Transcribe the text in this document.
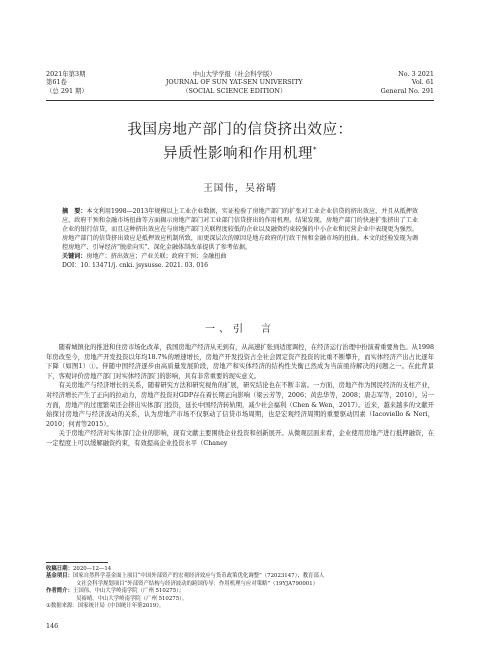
2021年第3期
第61卷
（总 291 期）
中山大学学报（社会科学版）
JOURNAL OF SUN YAT-SEN UNIVERSITY
（SOCIAL SCIENCE EDITION）
No. 3 2021
Vol. 61
General No. 291
我国房地产部门的信贷挤出效应：
异质性影响和作用机理*
王国伟，吴裕晴

摘　要：本文利用1998—2013年规模以上工业企业数据，实证检验了房地产部门的扩张对工业企业信贷的挤出效应，并且从抵押效应、政府干预和金融市场扭曲等方面揭示房地产部门对工业部门信贷挤出的作用机理。结果发现，房地产部门的快速扩张挤出了工业企业的银行信贷，而且这种挤出效应在与房地产部门关联程度较低的企业以及融资约束较强的中小企业和民营企业中表现更为强烈。房地产部门的信贷挤出效应是抵押效应机制所致，而更深层次的原因是地方政府的行政干预和金融市场的扭曲。本文的经验发现为调控房地产、引导经济“脱虚向实”、深化金融体制改革提供了参考依据。

关键词：房地产；挤出效应；产业关联；政府干预；金融扭曲

DOI：10. 13471/j. cnki. jsysusse. 2021. 03. 016

一、引　言

随着城镇化的推进和住房市场化改革，我国房地产经济从无到有，从高速扩张到适度调控，在经济运行治理中扮演着重要角色。从1998年房改至今，房地产开发投资以年均18.7%的增速增长，房地产开发投资占全社会固定资产投资的比重不断攀升，而实体经济产出占比逐年下降（如图1）①。伴随中国经济逐步由高质量发展阶段，房地产和实体经济的结构性失衡已然成为当前亟待解决的问题之一。在此背景下，客观评价房地产部门对实体经济部门的影响，具有非常重要的现实意义。

有关房地产与经济增长的关系，随着研究方法和研究视角的扩展，研究结论也在不断丰富。一方面，房地产作为国民经济的支柱产业，对经济增长产生了正向的拉动力，房地产投资对GDP存在着长期正向影响（梁云芳等，2006；黄忠华等，2008；唐志军等，2010）。另一方面，房地产的过度繁荣还会挤出实体部门投资，延长中国经济转轨期，减少社会福利（Chen & Wen，2017）。近来，越来越多的文献开始探讨房地产与经济波动的关系，认为房地产市场不仅驱动了信贷市场周期，也是宏观经济周期的重要驱动因素（Iacoviello & Neri，2010；何青等2015）。

关于房地产经济对实体部门企业的影响，现有文献主要围绕企业投资和创新展开。从微观层面来看，企业使用房地产进行抵押融资，在一定程度上可以缓解融资约束，有效提高企业投资水平（Chaney

收稿日期： 2020—12—14
基金项目： 国家自然科学基金面上项目“中国外部资产的宏观经济效应与货币政策优化调整”（72023147）；教育部人
文社会科学规划项目“外部资产结构与经济波动的跨国传导：作用机理与应对策略”（19YJA790001）
作者简介： 王国伟，中山大学岭南学院（广州 510275）；
吴裕晴，中山大学岭南学院（广州 510275）。
① 数据来源：国家统计局《中国统计年鉴2019》。
146
